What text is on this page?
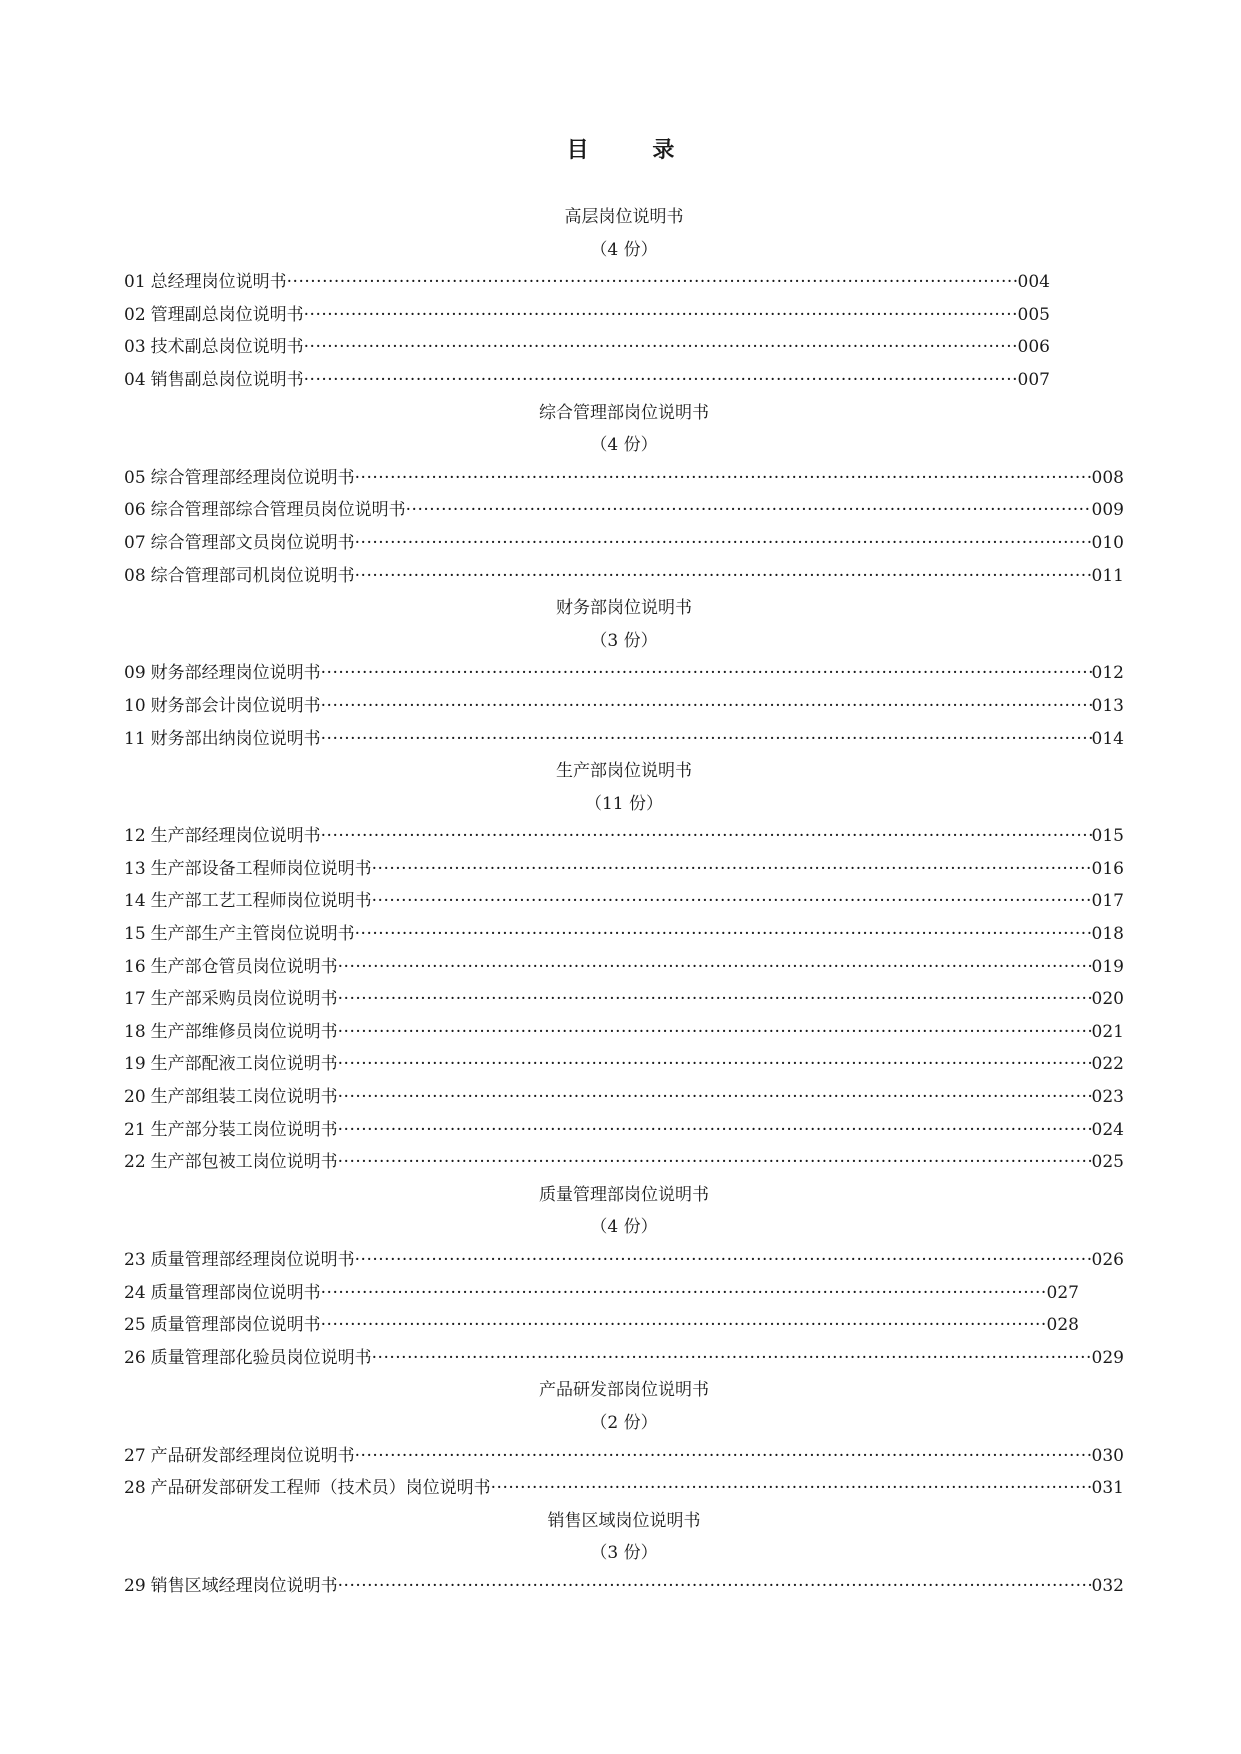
目 录
高层岗位说明书
（4 份）
01 总经理岗位说明书 ·····	004
02 管理副总岗位说明书 ·····	005
03 技术副总岗位说明书 ·····	006
04 销售副总岗位说明书 ·····	007
综合管理部岗位说明书
（4 份）
05 综合管理部经理岗位说明书 ·····	008
06 综合管理部综合管理员岗位说明书 ·····	009
07 综合管理部文员岗位说明书 ·····	010
08 综合管理部司机岗位说明书 ·····	011
财务部岗位说明书
（3 份）
09 财务部经理岗位说明书 ·····	012
10 财务部会计岗位说明书 ·····	013
11 财务部出纳岗位说明书 ·····	014
生产部岗位说明书
（11 份）
12 生产部经理岗位说明书 ·····	015
13 生产部设备工程师岗位说明书 ·····	016
14 生产部工艺工程师岗位说明书 ·····	017
15 生产部生产主管岗位说明书 ·····	018
16 生产部仓管员岗位说明书 ·····	019
17 生产部采购员岗位说明书 ·····	020
18 生产部维修员岗位说明书 ·····	021
19 生产部配液工岗位说明书 ·····	022
20 生产部组装工岗位说明书 ·····	023
21 生产部分装工岗位说明书 ·····	024
22 生产部包被工岗位说明书 ·····	025
质量管理部岗位说明书
（4 份）
23 质量管理部经理岗位说明书 ·····	026
24 质量管理部岗位说明书 ·····	027
25 质量管理部岗位说明书 ·····	028
26 质量管理部化验员岗位说明书 ·····	029
产品研发部岗位说明书
（2 份）
27 产品研发部经理岗位说明书 ·····	030
28 产品研发部研发工程师（技术员）岗位说明书 ·····	031
销售区域岗位说明书
（3 份）
29 销售区域经理岗位说明书 ·····	032
